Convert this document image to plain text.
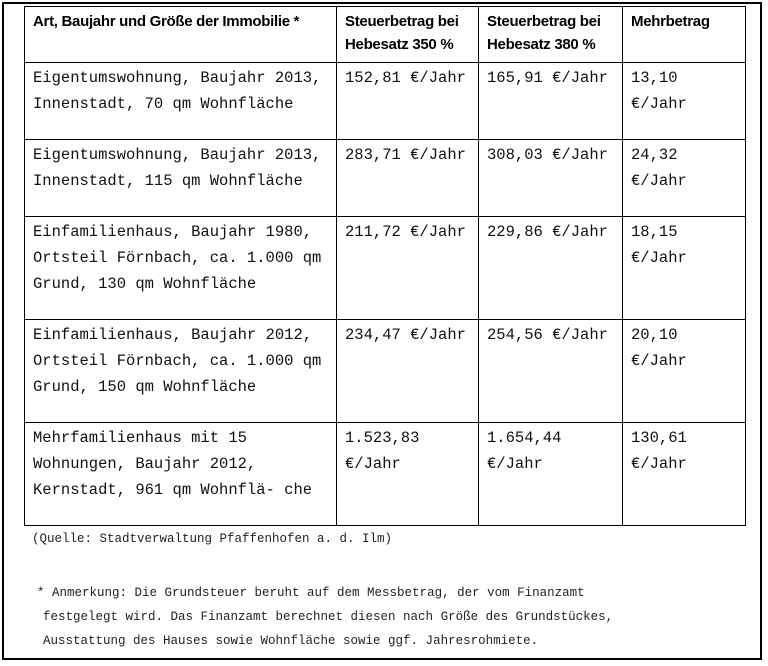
Art, Baujahr und Größe der Immobilie *	Steuerbetrag bei Hebesatz 350 %	Steuerbetrag bei Hebesatz 380 %	Mehrbetrag
Eigentumswohnung, Baujahr 2013, Innenstadt, 70 qm Wohnfläche	152,81 €/Jahr	165,91 €/Jahr	13,10 €/Jahr
Eigentumswohnung, Baujahr 2013, Innenstadt, 115 qm Wohnfläche	283,71 €/Jahr	308,03 €/Jahr	24,32 €/Jahr
Einfamilienhaus, Baujahr 1980, Ortsteil Förnbach, ca. 1.000 qm Grund, 130 qm Wohnfläche	211,72 €/Jahr	229,86 €/Jahr	18,15 €/Jahr
Einfamilienhaus, Baujahr 2012, Ortsteil Förnbach, ca. 1.000 qm Grund, 150 qm Wohnfläche	234,47 €/Jahr	254,56 €/Jahr	20,10 €/Jahr
Mehrfamilienhaus mit 15 Wohnungen, Baujahr 2012, Kernstadt, 961 qm Wohnflä- che	1.523,83 €/Jahr	1.654,44 €/Jahr	130,61 €/Jahr
(Quelle: Stadtverwaltung Pfaffenhofen a. d. Ilm)
* Anmerkung: Die Grundsteuer beruht auf dem Messbetrag, der vom Finanzamt
festgelegt wird. Das Finanzamt berechnet diesen nach Größe des Grundstückes,
Ausstattung des Hauses sowie Wohnfläche sowie ggf. Jahresrohmiete.
